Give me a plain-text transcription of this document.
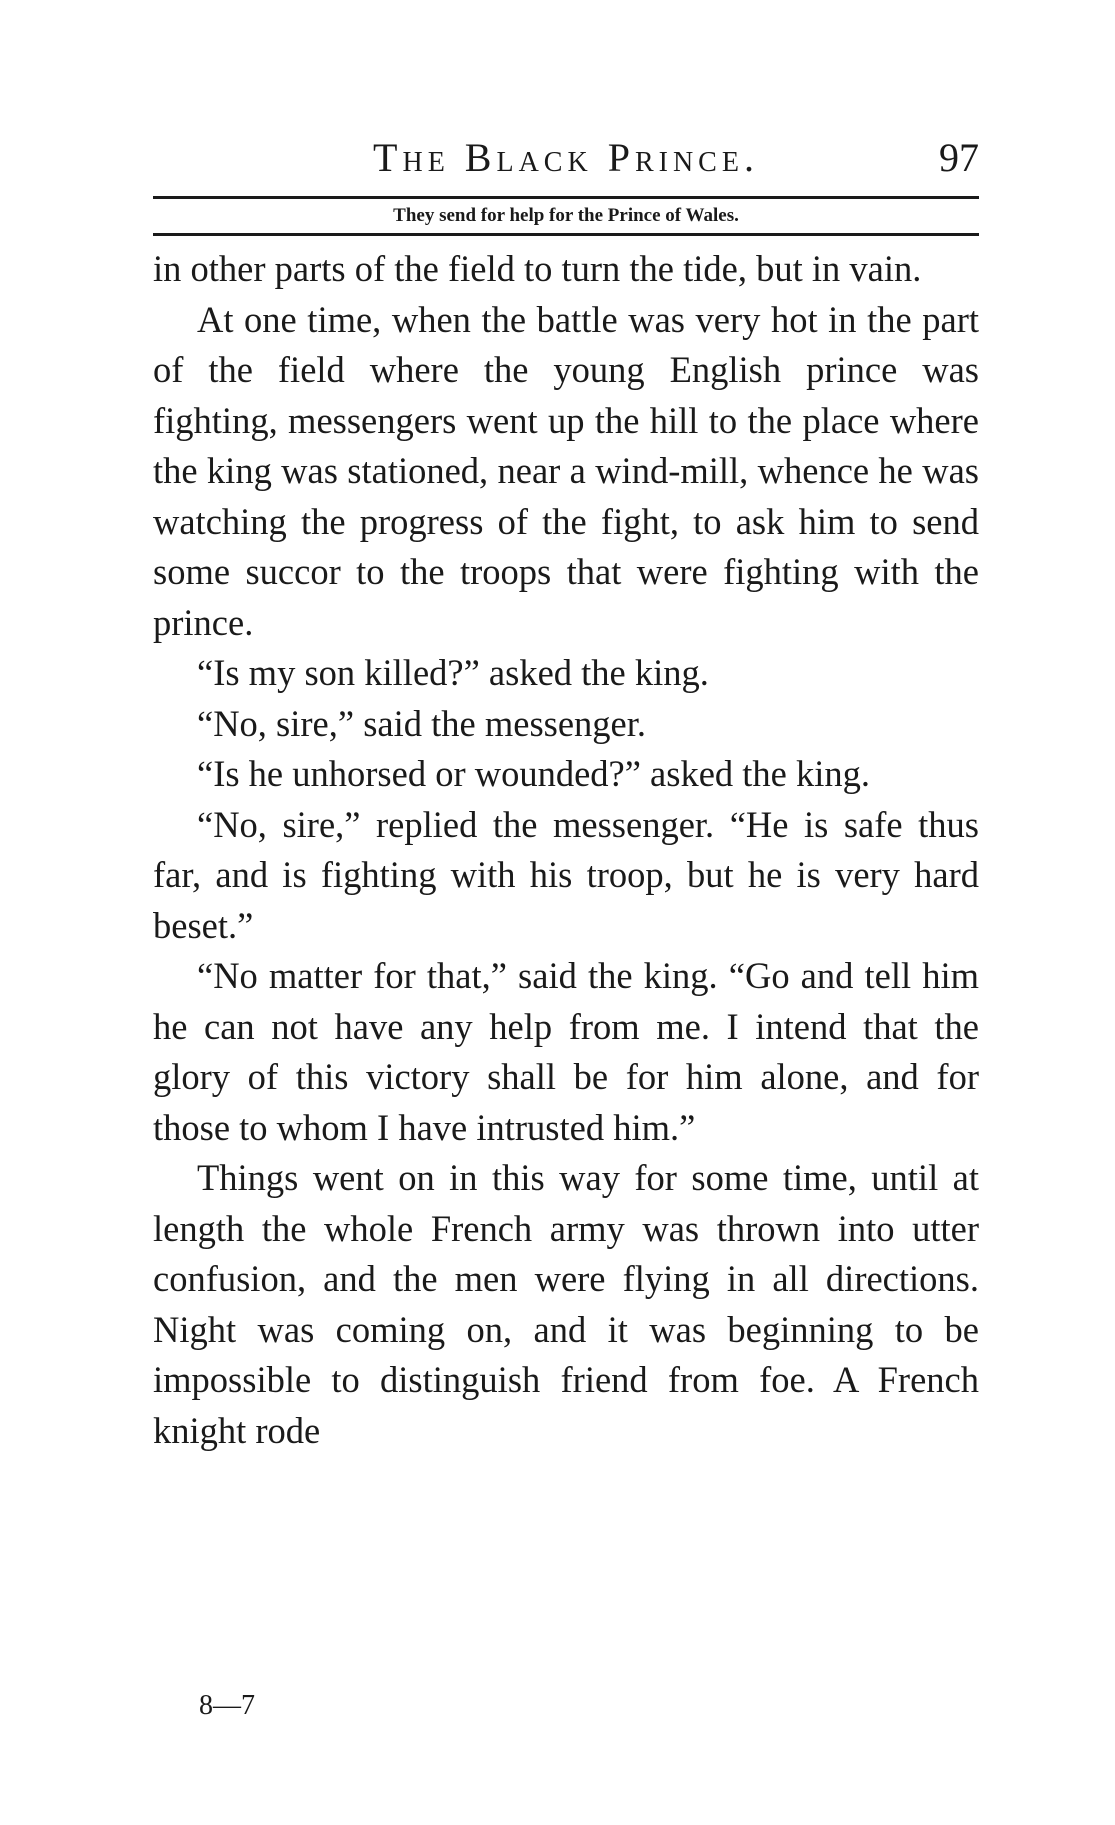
The Black Prince.	97
They send for help for the Prince of Wales.

in other parts of the field to turn the tide, but in vain.

At one time, when the battle was very hot in the part of the field where the young English prince was fighting, messengers went up the hill to the place where the king was stationed, near a wind-mill, whence he was watching the progress of the fight, to ask him to send some succor to the troops that were fighting with the prince.

“Is my son killed?” asked the king.

“No, sire,” said the messenger.

“Is he unhorsed or wounded?” asked the king.

“No, sire,” replied the messenger. “He is safe thus far, and is fighting with his troop, but he is very hard beset.”

“No matter for that,” said the king. “Go and tell him he can not have any help from me. I intend that the glory of this victory shall be for him alone, and for those to whom I have intrusted him.”

Things went on in this way for some time, until at length the whole French army was thrown into utter confusion, and the men were flying in all directions. Night was coming on, and it was beginning to be impossible to distinguish friend from foe. A French knight rode

8—7
